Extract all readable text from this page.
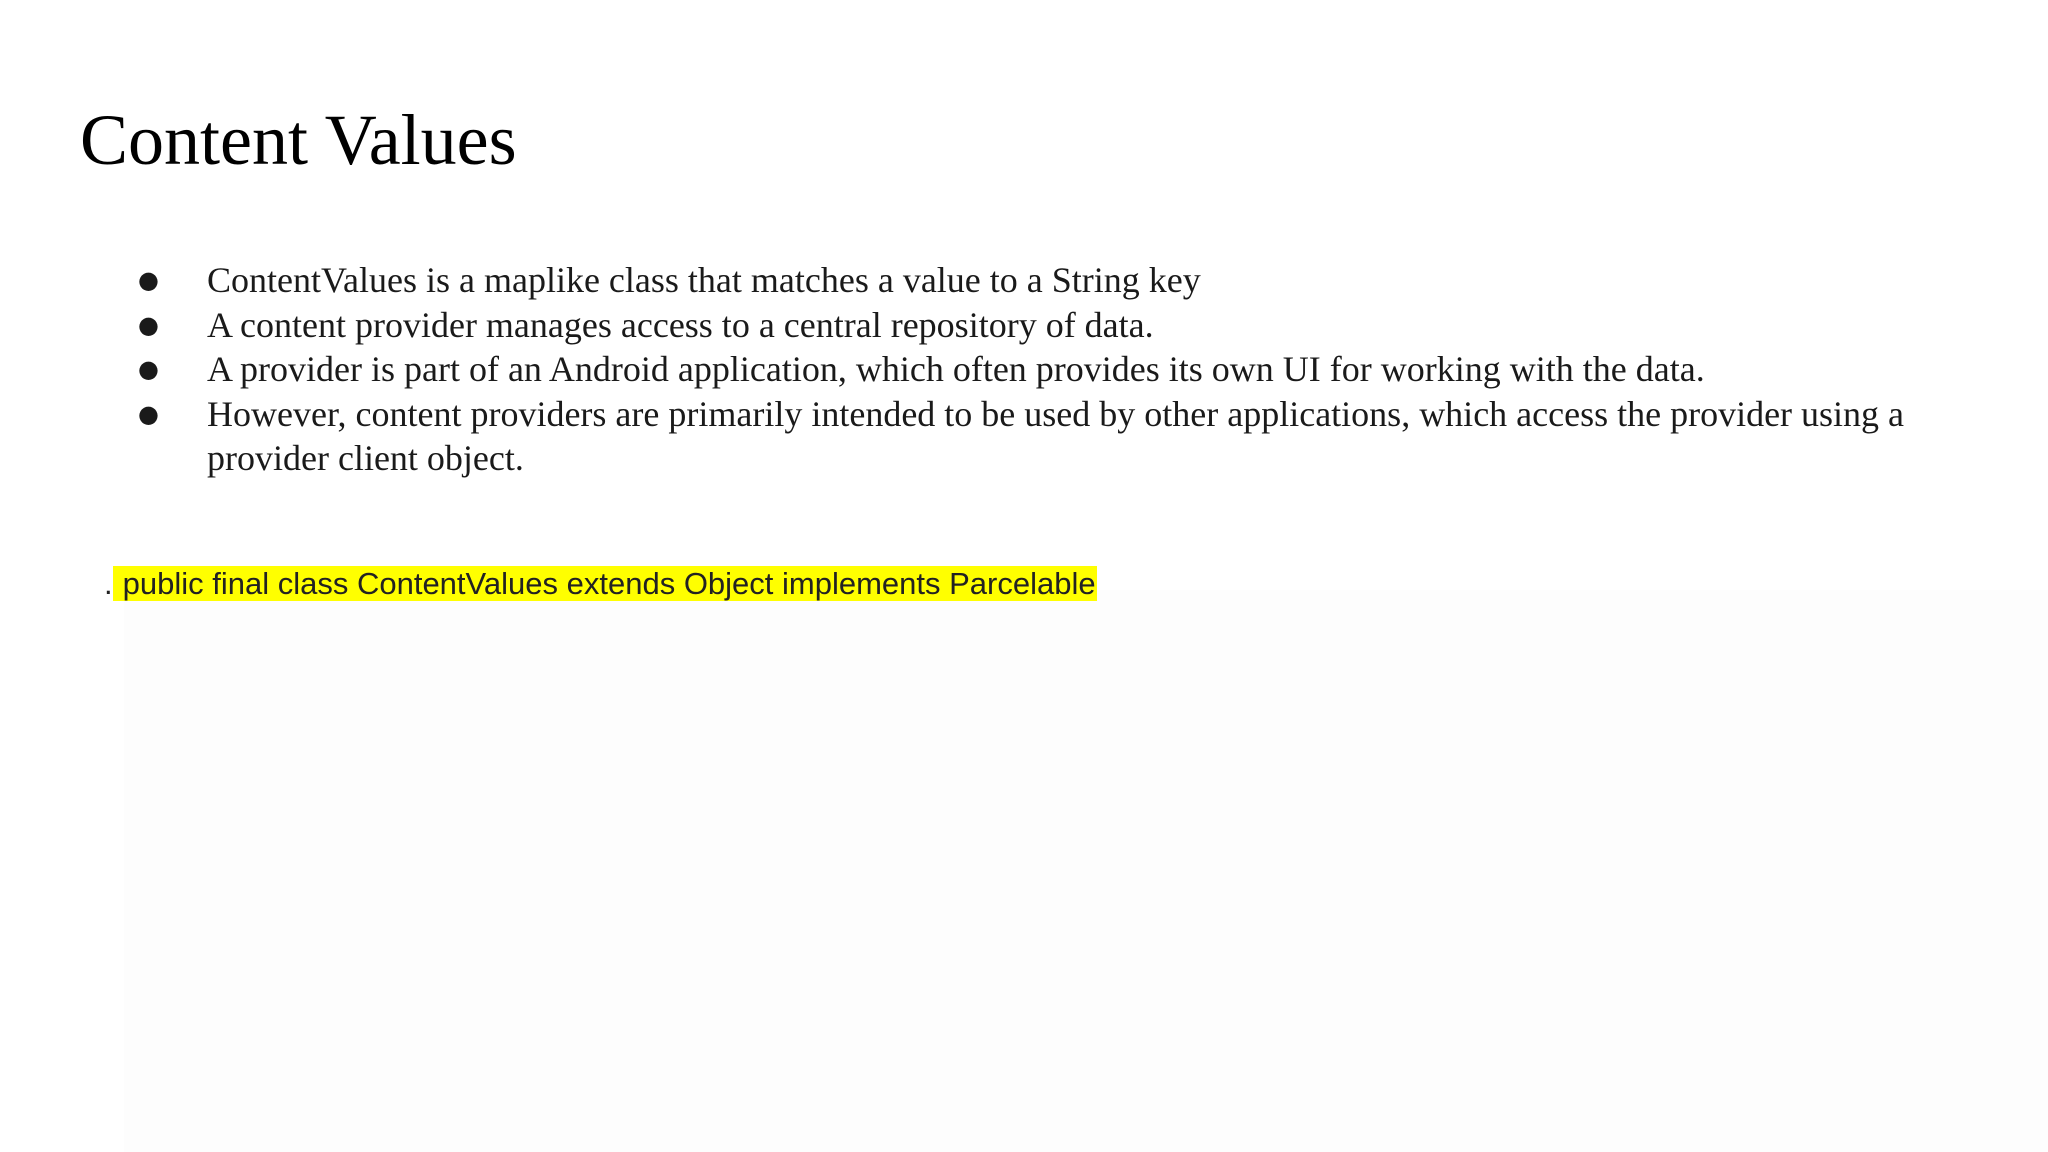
Content Values
● ContentValues is a maplike class that matches a value to a String key
● A content provider manages access to a central repository of data.
● A provider is part of an Android application, which often provides its own UI for working with the data.
● However, content providers are primarily intended to be used by other applications, which access the provider using a provider client object.
. public final class ContentValues extends Object implements Parcelable
